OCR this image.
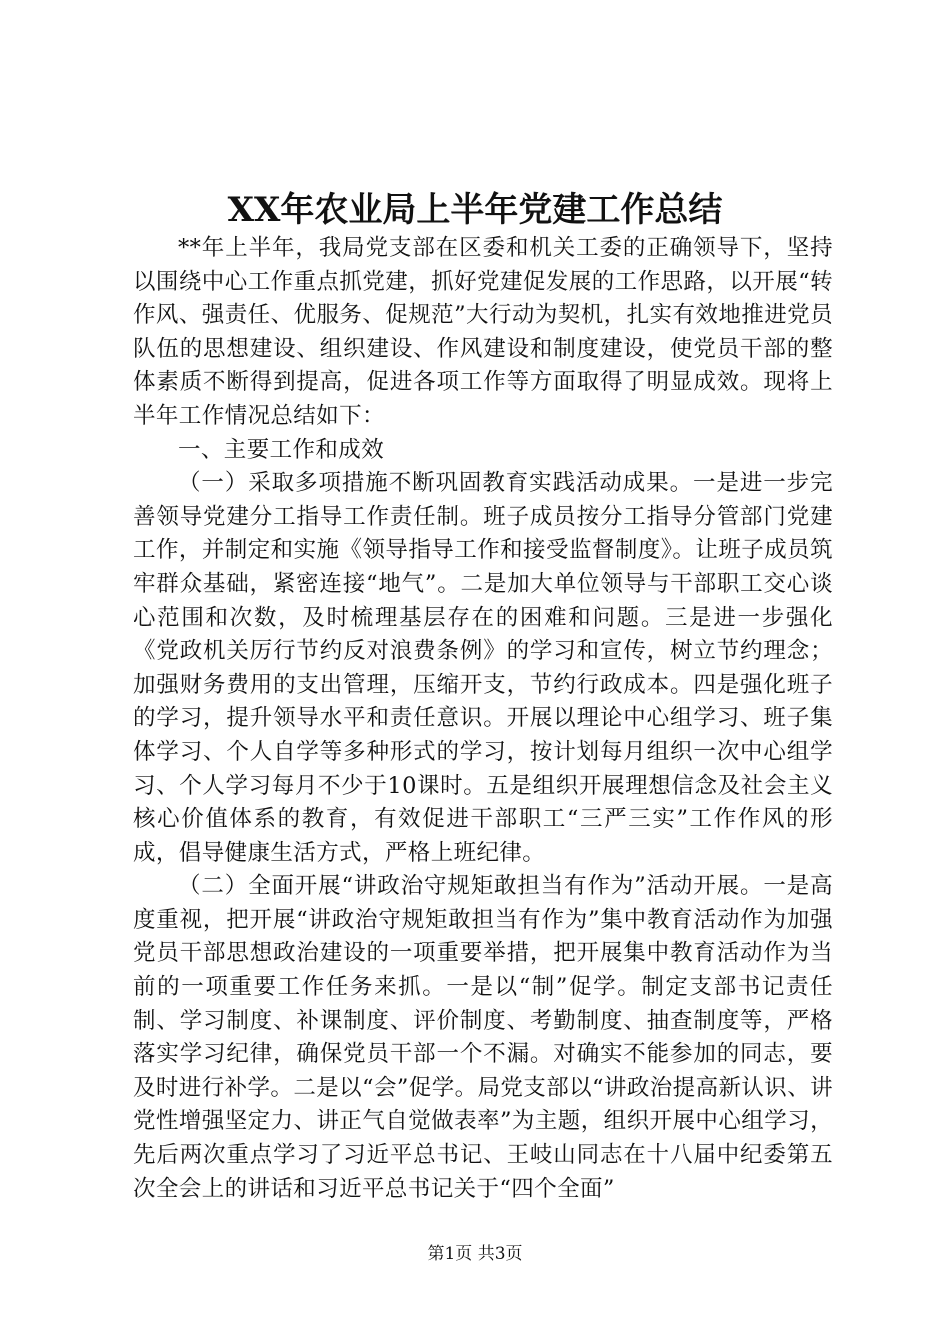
XX年农业局上半年党建工作总结

**年上半年，我局党支部在区委和机关工委的正确领导下，坚持以围绕中心工作重点抓党建，抓好党建促发展的工作思路，以开展“转作风、强责任、优服务、促规范”大行动为契机，扎实有效地推进党员队伍的思想建设、组织建设、作风建设和制度建设，使党员干部的整体素质不断得到提高，促进各项工作等方面取得了明显成效。现将上半年工作情况总结如下：

一、主要工作和成效

（一）采取多项措施不断巩固教育实践活动成果。一是进一步完善领导党建分工指导工作责任制。班子成员按分工指导分管部门党建工作，并制定和实施《领导指导工作和接受监督制度》。让班子成员筑牢群众基础，紧密连接“地气”。二是加大单位领导与干部职工交心谈心范围和次数，及时梳理基层存在的困难和问题。三是进一步强化《党政机关厉行节约反对浪费条例》的学习和宣传，树立节约理念；加强财务费用的支出管理，压缩开支，节约行政成本。四是强化班子的学习，提升领导水平和责任意识。开展以理论中心组学习、班子集体学习、个人自学等多种形式的学习，按计划每月组织一次中心组学习、个人学习每月不少于10课时。五是组织开展理想信念及社会主义核心价值体系的教育，有效促进干部职工“三严三实”工作作风的形成，倡导健康生活方式，严格上班纪律。

（二）全面开展“讲政治守规矩敢担当有作为”活动开展。一是高度重视，把开展“讲政治守规矩敢担当有作为”集中教育活动作为加强党员干部思想政治建设的一项重要举措，把开展集中教育活动作为当前的一项重要工作任务来抓。一是以“制”促学。制定支部书记责任制、学习制度、补课制度、评价制度、考勤制度、抽查制度等，严格落实学习纪律，确保党员干部一个不漏。对确实不能参加的同志，要及时进行补学。二是以“会”促学。局党支部以“讲政治提高新认识、讲党性增强坚定力、讲正气自觉做表率”为主题，组织开展中心组学习，先后两次重点学习了习近平总书记、王岐山同志在十八届中纪委第五次全会上的讲话和习近平总书记关于“四个全面”

第1页 共3页
